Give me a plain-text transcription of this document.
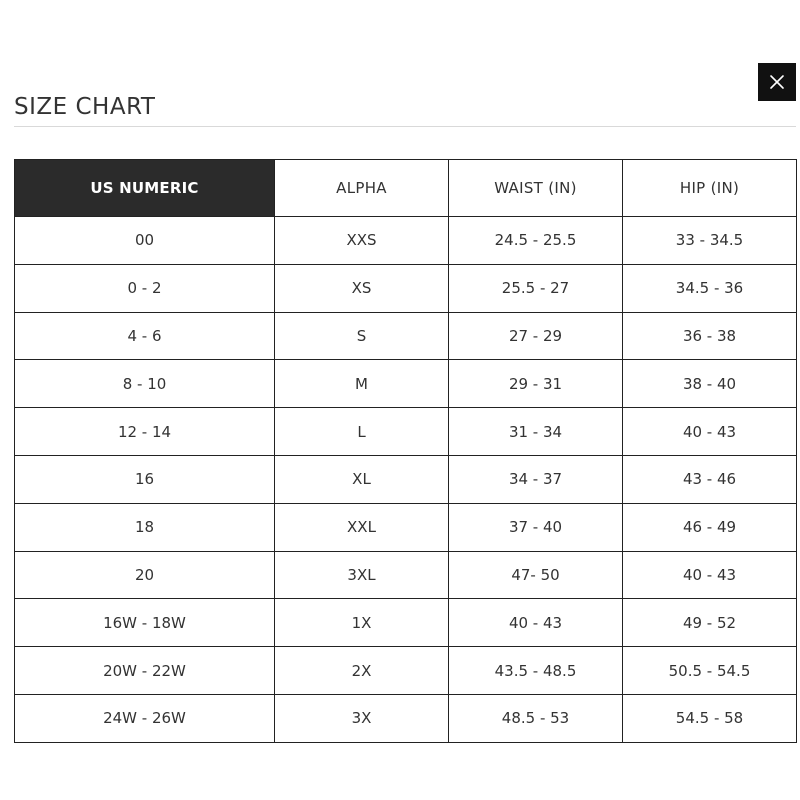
SIZE CHART
US NUMERIC	ALPHA	WAIST (IN)	HIP (IN)
00	XXS	24.5 - 25.5	33 - 34.5
0 - 2	XS	25.5 - 27	34.5 - 36
4 - 6	S	27 - 29	36 - 38
8 - 10	M	29 - 31	38 - 40
12 - 14	L	31 - 34	40 - 43
16	XL	34 - 37	43 - 46
18	XXL	37 - 40	46 - 49
20	3XL	47- 50	40 - 43
16W - 18W	1X	40 - 43	49 - 52
20W - 22W	2X	43.5 - 48.5	50.5 - 54.5
24W - 26W	3X	48.5 - 53	54.5 - 58
